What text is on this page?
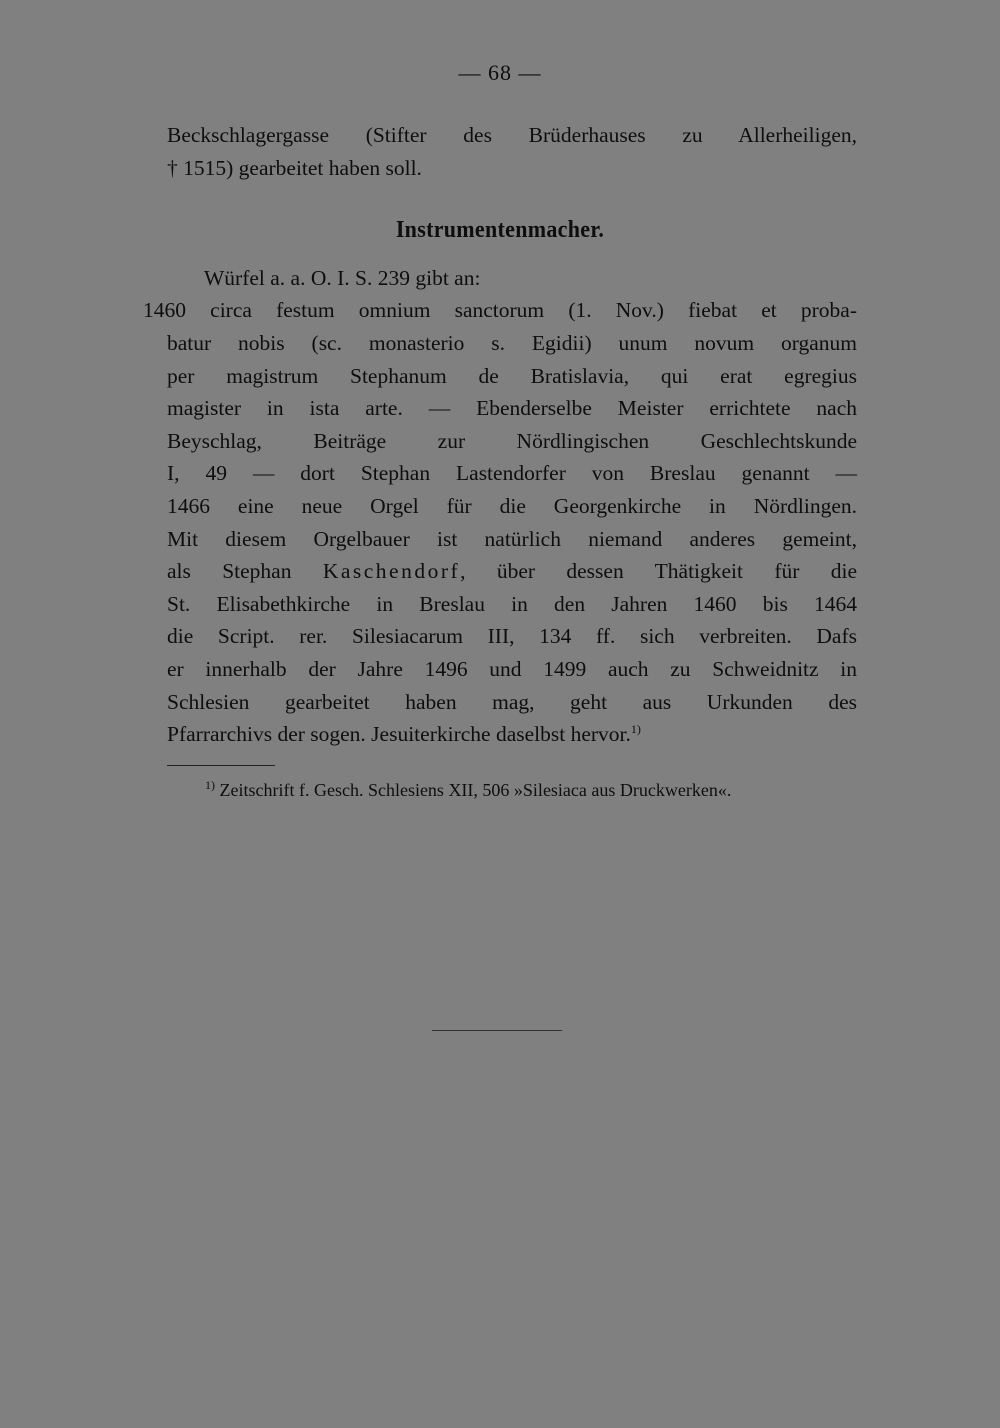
— 68 —
Beckschlagergasse (Stifter des Brüderhauses zu Allerheiligen,
† 1515) gearbeitet haben soll.
Instrumentenmacher.
Würfel a. a. O. I. S. 239 gibt an:
1460 circa festum omnium sanctorum (1. Nov.) fiebat et proba-
batur nobis (sc. monasterio s. Egidii) unum novum organum
per magistrum Stephanum de Bratislavia, qui erat egregius
magister in ista arte. — Ebenderselbe Meister errichtete nach
Beyschlag, Beiträge zur Nördlingischen Geschlechtskunde
I, 49 — dort Stephan Lastendorfer von Breslau genannt —
1466 eine neue Orgel für die Georgenkirche in Nördlingen.
Mit diesem Orgelbauer ist natürlich niemand anderes gemeint,
als Stephan Kaschendorf, über dessen Thätigkeit für die
St. Elisabethkirche in Breslau in den Jahren 1460 bis 1464
die Script. rer. Silesiacarum III, 134 ff. sich verbreiten. Dafs
er innerhalb der Jahre 1496 und 1499 auch zu Schweidnitz in
Schlesien gearbeitet haben mag, geht aus Urkunden des
Pfarrarchivs der sogen. Jesuiterkirche daselbst hervor.$^{1)}$
$^{1)}$ Zeitschrift f. Gesch. Schlesiens XII, 506 »Silesiaca aus Druckwerken«.
